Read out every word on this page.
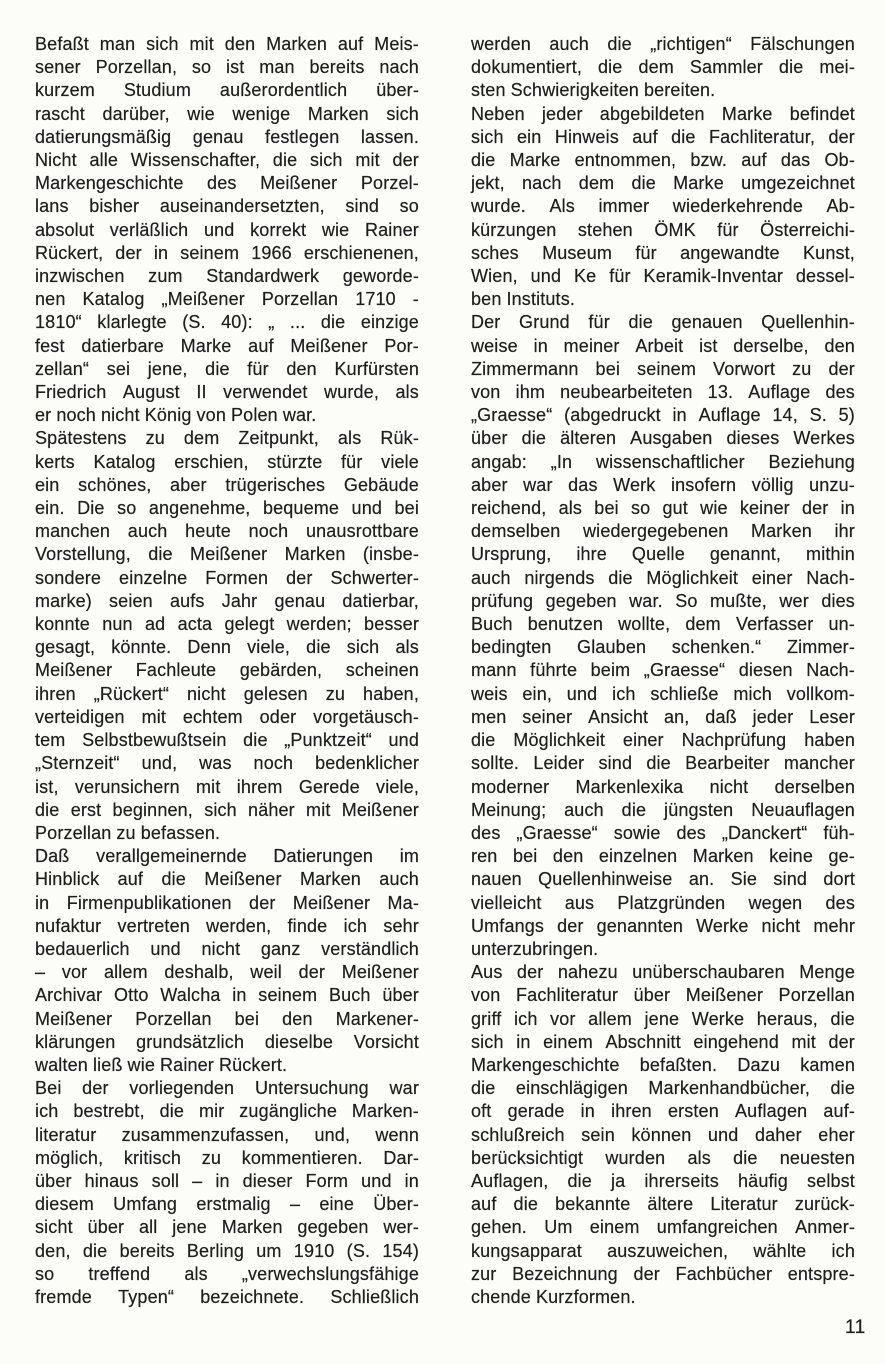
Befaßt man sich mit den Marken auf Meis-
sener Porzellan, so ist man bereits nach
kurzem Studium außerordentlich über-
rascht darüber, wie wenige Marken sich
datierungsmäßig genau festlegen lassen.
Nicht alle Wissenschafter, die sich mit der
Markengeschichte des Meißener Porzel-
lans bisher auseinandersetzten, sind so
absolut verläßlich und korrekt wie Rainer
Rückert, der in seinem 1966 erschienenen,
inzwischen zum Standardwerk geworde-
nen Katalog „Meißener Porzellan 1710 -
1810“ klarlegte (S. 40): „ ... die einzige
fest datierbare Marke auf Meißener Por-
zellan“ sei jene, die für den Kurfürsten
Friedrich August II verwendet wurde, als
er noch nicht König von Polen war.
Spätestens zu dem Zeitpunkt, als Rük-
kerts Katalog erschien, stürzte für viele
ein schönes, aber trügerisches Gebäude
ein. Die so angenehme, bequeme und bei
manchen auch heute noch unausrottbare
Vorstellung, die Meißener Marken (insbe-
sondere einzelne Formen der Schwerter-
marke) seien aufs Jahr genau datierbar,
konnte nun ad acta gelegt werden; besser
gesagt, könnte. Denn viele, die sich als
Meißener Fachleute gebärden, scheinen
ihren „Rückert“ nicht gelesen zu haben,
verteidigen mit echtem oder vorgetäusch-
tem Selbstbewußtsein die „Punktzeit“ und
„Sternzeit“ und, was noch bedenklicher
ist, verunsichern mit ihrem Gerede viele,
die erst beginnen, sich näher mit Meißener
Porzellan zu befassen.
Daß verallgemeinernde Datierungen im
Hinblick auf die Meißener Marken auch
in Firmenpublikationen der Meißener Ma-
nufaktur vertreten werden, finde ich sehr
bedauerlich und nicht ganz verständlich
– vor allem deshalb, weil der Meißener
Archivar Otto Walcha in seinem Buch über
Meißener Porzellan bei den Markener-
klärungen grundsätzlich dieselbe Vorsicht
walten ließ wie Rainer Rückert.
Bei der vorliegenden Untersuchung war
ich bestrebt, die mir zugängliche Marken-
literatur zusammenzufassen, und, wenn
möglich, kritisch zu kommentieren. Dar-
über hinaus soll – in dieser Form und in
diesem Umfang erstmalig – eine Über-
sicht über all jene Marken gegeben wer-
den, die bereits Berling um 1910 (S. 154)
so treffend als „verwechslungsfähige
fremde Typen“ bezeichnete. Schließlich
werden auch die „richtigen“ Fälschungen
dokumentiert, die dem Sammler die mei-
sten Schwierigkeiten bereiten.
Neben jeder abgebildeten Marke befindet
sich ein Hinweis auf die Fachliteratur, der
die Marke entnommen, bzw. auf das Ob-
jekt, nach dem die Marke umgezeichnet
wurde. Als immer wiederkehrende Ab-
kürzungen stehen ÖMK für Österreichi-
sches Museum für angewandte Kunst,
Wien, und Ke für Keramik-Inventar dessel-
ben Instituts.
Der Grund für die genauen Quellenhin-
weise in meiner Arbeit ist derselbe, den
Zimmermann bei seinem Vorwort zu der
von ihm neubearbeiteten 13. Auflage des
„Graesse“ (abgedruckt in Auflage 14, S. 5)
über die älteren Ausgaben dieses Werkes
angab: „In wissenschaftlicher Beziehung
aber war das Werk insofern völlig unzu-
reichend, als bei so gut wie keiner der in
demselben wiedergegebenen Marken ihr
Ursprung, ihre Quelle genannt, mithin
auch nirgends die Möglichkeit einer Nach-
prüfung gegeben war. So mußte, wer dies
Buch benutzen wollte, dem Verfasser un-
bedingten Glauben schenken.“ Zimmer-
mann führte beim „Graesse“ diesen Nach-
weis ein, und ich schließe mich vollkom-
men seiner Ansicht an, daß jeder Leser
die Möglichkeit einer Nachprüfung haben
sollte. Leider sind die Bearbeiter mancher
moderner Markenlexika nicht derselben
Meinung; auch die jüngsten Neuauflagen
des „Graesse“ sowie des „Danckert“ füh-
ren bei den einzelnen Marken keine ge-
nauen Quellenhinweise an. Sie sind dort
vielleicht aus Platzgründen wegen des
Umfangs der genannten Werke nicht mehr
unterzubringen.
Aus der nahezu unüberschaubaren Menge
von Fachliteratur über Meißener Porzellan
griff ich vor allem jene Werke heraus, die
sich in einem Abschnitt eingehend mit der
Markengeschichte befaßten. Dazu kamen
die einschlägigen Markenhandbücher, die
oft gerade in ihren ersten Auflagen auf-
schlußreich sein können und daher eher
berücksichtigt wurden als die neuesten
Auflagen, die ja ihrerseits häufig selbst
auf die bekannte ältere Literatur zurück-
gehen. Um einem umfangreichen Anmer-
kungsapparat auszuweichen, wählte ich
zur Bezeichnung der Fachbücher entspre-
chende Kurzformen.
11
